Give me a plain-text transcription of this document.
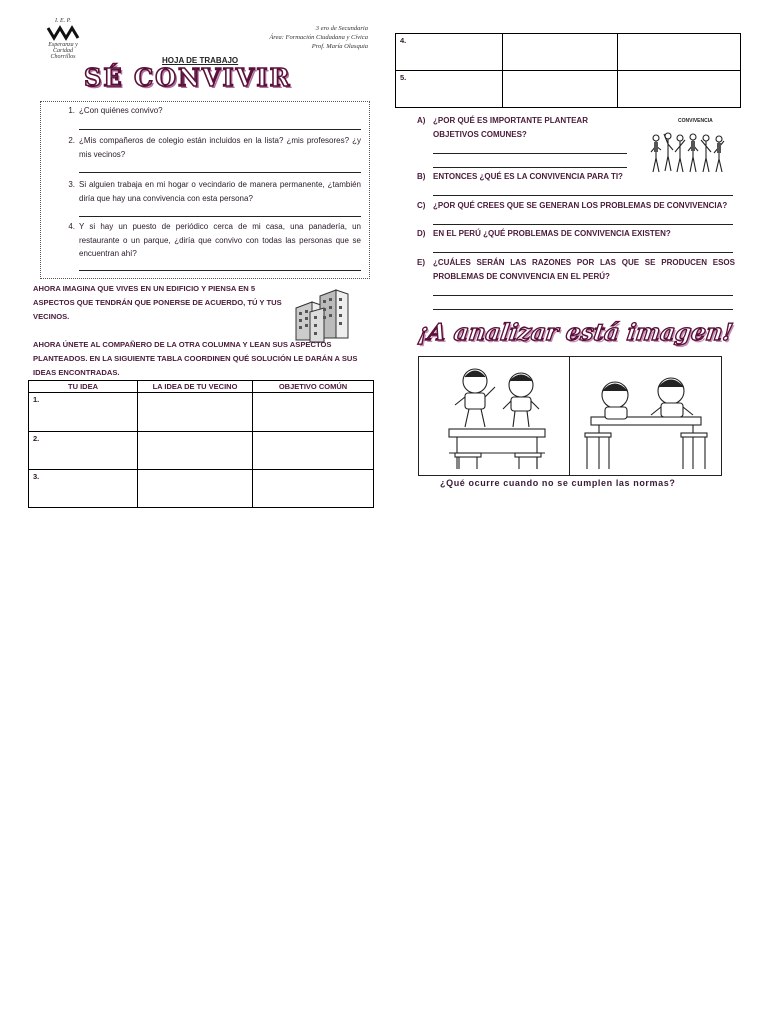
I. E. P.
Esperanza y Caridad
Chorrillos
3 ero de Secundaria
Área: Formación Ciudadana y Cívica
Prof. María Olasquia
HOJA DE TRABAJO
SÉ CONVIVIR
1. ¿Con quiénes convivo?
2. ¿Mis compañeros de colegio están incluidos en la lista? ¿mis profesores? ¿y mis vecinos?
3. Si alguien trabaja en mi hogar o vecindario de manera permanente, ¿también diría que hay una convivencia con esta persona?
4. Y si hay un puesto de periódico cerca de mi casa, una panadería, un restaurante o un parque, ¿diría que convivo con todas las personas que se encuentran ahí?
AHORA IMAGINA QUE VIVES EN UN EDIFICIO Y PIENSA EN 5 ASPECTOS QUE TENDRÁN QUE PONERSE DE ACUERDO, TÚ Y TUS VECINOS.
AHORA ÚNETE AL COMPAÑERO DE LA OTRA COLUMNA Y LEAN SUS ASPECTOS PLANTEADOS. EN LA SIGUIENTE TABLA COORDINEN QUÉ SOLUCIÓN LE DARÁN A SUS IDEAS ENCONTRADAS.
TU IDEA	LA IDEA DE TU VECINO	OBJETIVO COMÚN
1.		
2.		
3.		
4.		
5.		
A) ¿POR QUÉ ES IMPORTANTE PLANTEAR OBJETIVOS COMUNES?
CONVIVENCIA
B) ENTONCES ¿QUÉ ES LA CONVIVENCIA PARA TI?
C) ¿POR QUÉ CREES QUE SE GENERAN LOS PROBLEMAS DE CONVIVENCIA?
D) EN EL PERÚ ¿QUÉ PROBLEMAS DE CONVIVENCIA EXISTEN?
E) ¿CUÁLES SERÁN LAS RAZONES POR LAS QUE SE PRODUCEN ESOS PROBLEMAS DE CONVIVENCIA EN EL PERÚ?
¡A analizar está imagen!
¿Qué ocurre cuando no se cumplen las normas?
